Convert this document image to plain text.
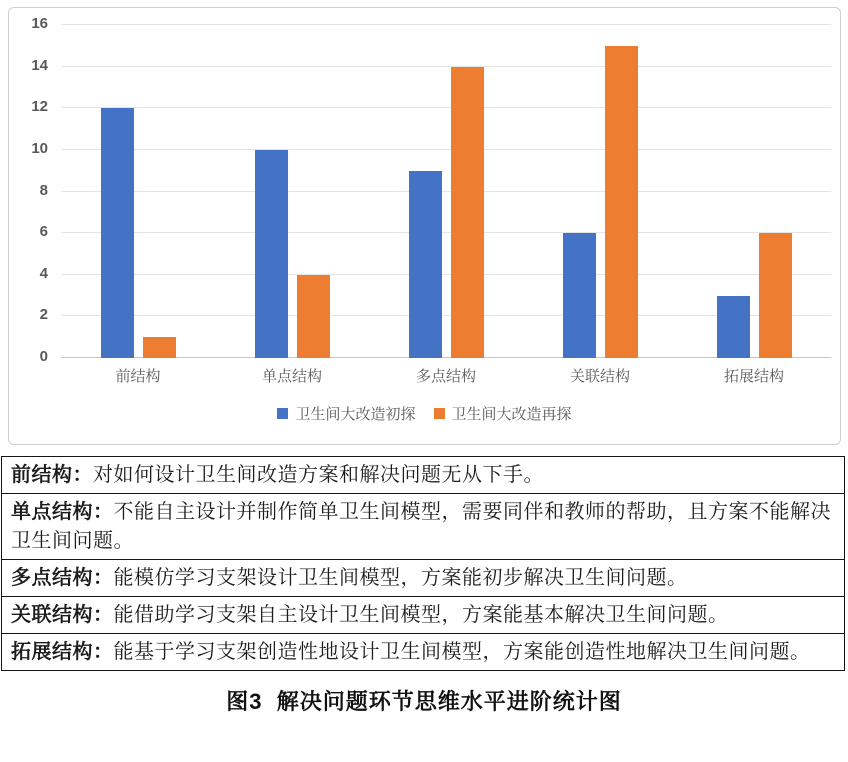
0
2
4
6
8
10
12
14
16
前结构	单点结构	多点结构	关联结构	拓展结构
卫生间大改造初探 卫生间大改造再探
前结构：对如何设计卫生间改造方案和解决问题无从下手。
单点结构：不能自主设计并制作简单卫生间模型，需要同伴和教师的帮助，且方案不能解决卫生间问题。
多点结构：能模仿学习支架设计卫生间模型，方案能初步解决卫生间问题。
关联结构：能借助学习支架自主设计卫生间模型，方案能基本解决卫生间问题。
拓展结构：能基于学习支架创造性地设计卫生间模型，方案能创造性地解决卫生间问题。
图3  解决问题环节思维水平进阶统计图
